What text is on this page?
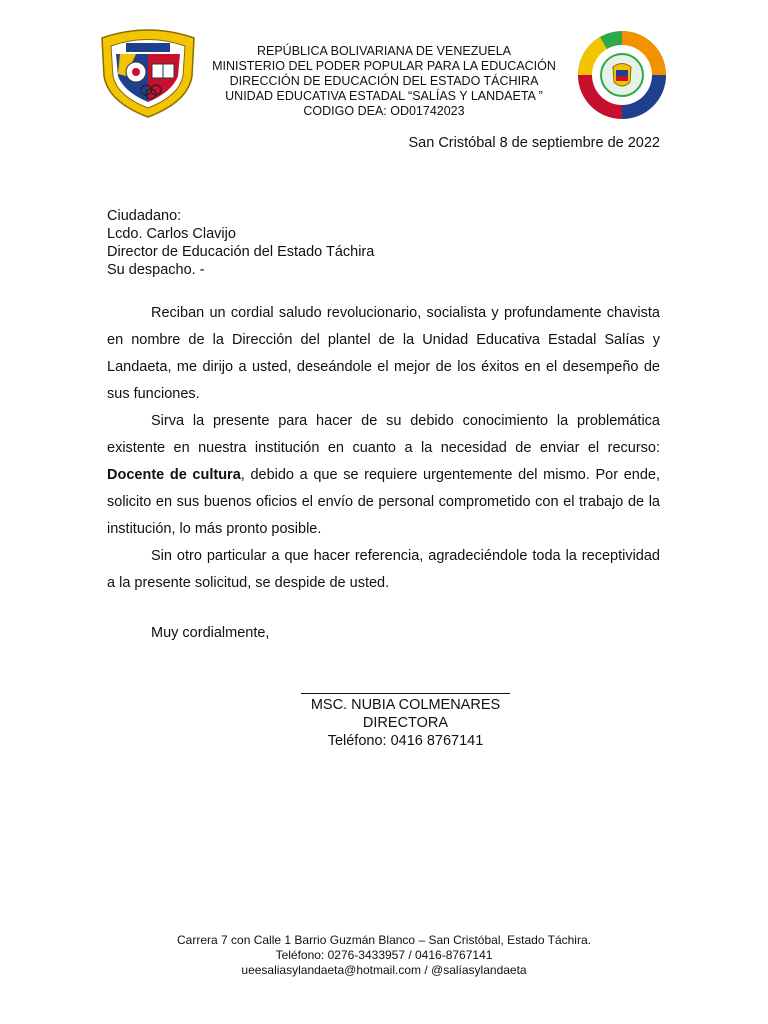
REPÚBLICA BOLIVARIANA DE VENEZUELA
MINISTERIO DEL PODER POPULAR PARA LA EDUCACIÓN
DIRECCIÓN DE EDUCACIÓN DEL ESTADO TÁCHIRA
UNIDAD EDUCATIVA ESTADAL “SALÍAS Y LANDAETA ”
CODIGO DEA: OD01742023
San Cristóbal 8 de septiembre de 2022
Ciudadano:
Lcdo. Carlos Clavijo
Director de Educación del Estado Táchira
Su despacho. -

Reciban un cordial saludo revolucionario, socialista y profundamente chavista en nombre de la Dirección del plantel de la Unidad Educativa Estadal Salías y Landaeta, me dirijo a usted, deseándole el mejor de los éxitos en el desempeño de sus funciones.

Sirva la presente para hacer de su debido conocimiento la problemática existente en nuestra institución en cuanto a la necesidad de enviar el recurso: Docente de cultura, debido a que se requiere urgentemente del mismo. Por ende, solicito en sus buenos oficios el envío de personal comprometido con el trabajo de la institución, lo más pronto posible.

Sin otro particular a que hacer referencia, agradeciéndole toda la receptividad a la presente solicitud, se despide de usted.

Muy cordialmente,
MSC. NUBIA COLMENARES
DIRECTORA
Teléfono: 0416 8767141
Carrera 7 con Calle 1 Barrio Guzmán Blanco – San Cristóbal, Estado Táchira.
Teléfono: 0276-3433957 / 0416-8767141
ueesaliasylandaeta@hotmail.com / @salíasylandaeta
